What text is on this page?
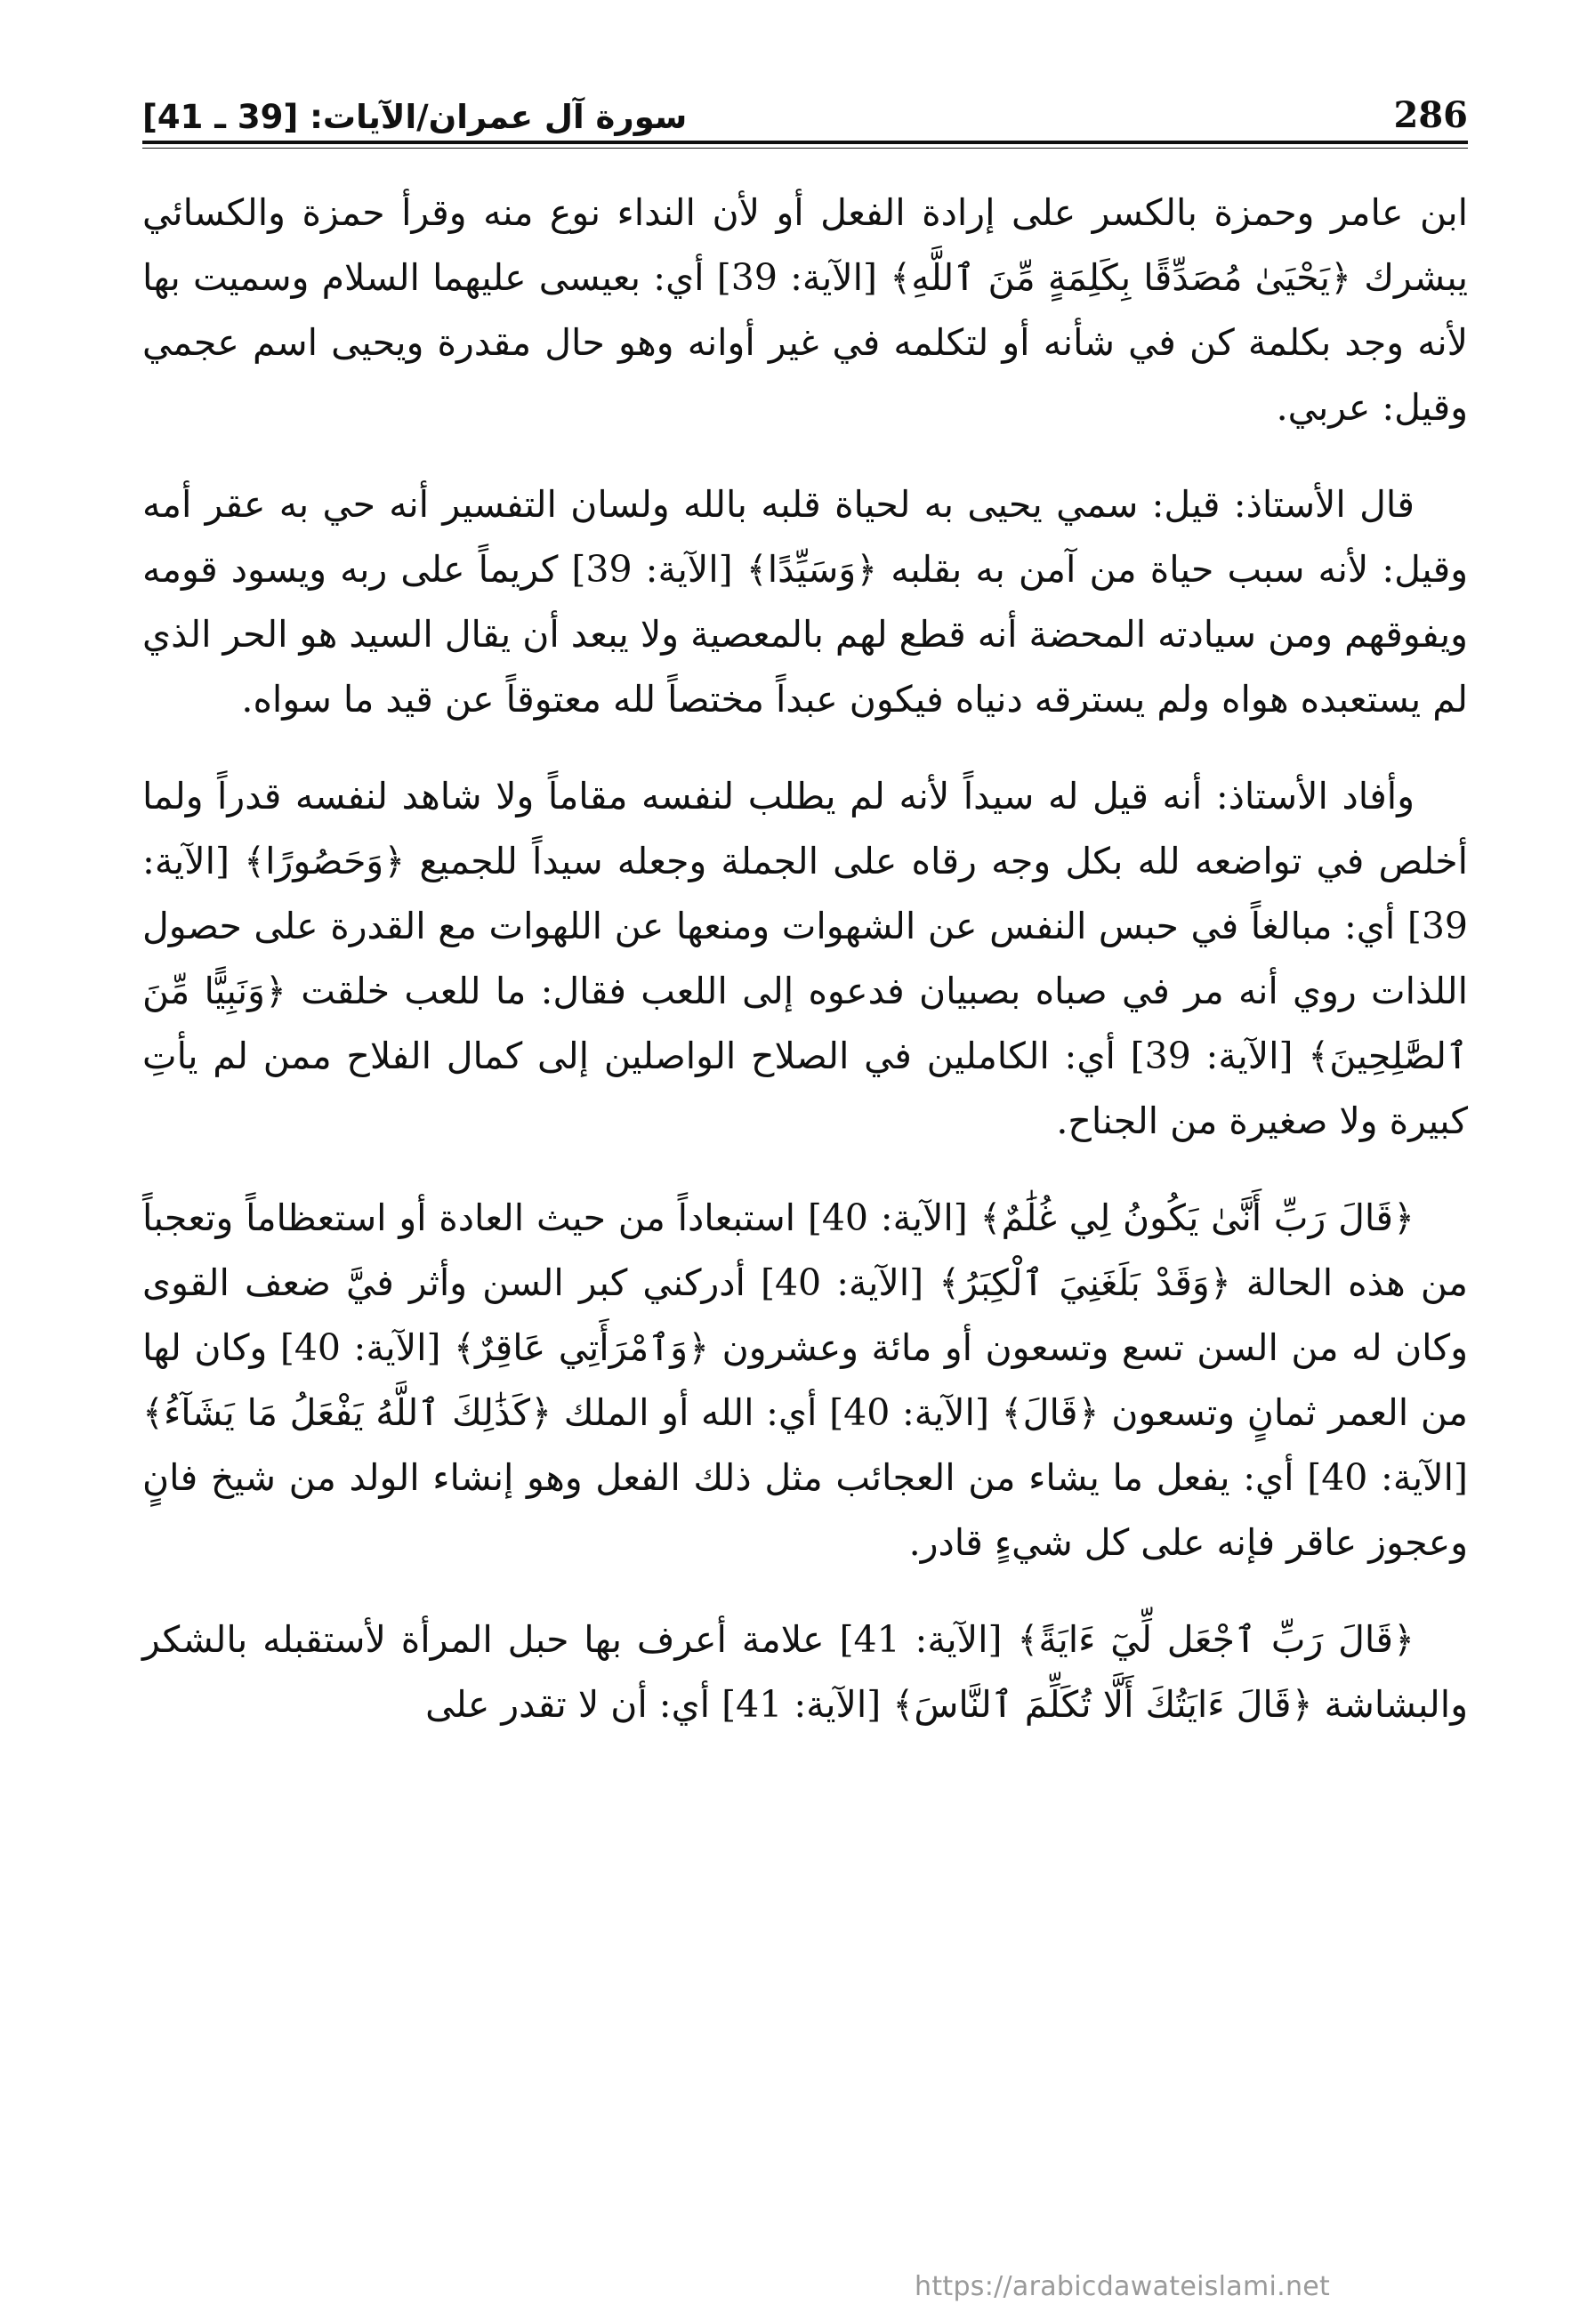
286
سورة آل عمران/الآيات: [39 ـ 41]

ابن عامر وحمزة بالكسر على إرادة الفعل أو لأن النداء نوع منه وقرأ حمزة والكسائي يبشرك ﴿يَحْيَىٰ مُصَدِّقًا بِكَلِمَةٍ مِّنَ ٱللَّهِ﴾ [الآية: 39] أي: بعيسى عليهما السلام وسميت بها لأنه وجد بكلمة كن في شأنه أو لتكلمه في غير أوانه وهو حال مقدرة ويحيى اسم عجمي وقيل: عربي.

قال الأستاذ: قيل: سمي يحيى به لحياة قلبه بالله ولسان التفسير أنه حي به عقر أمه وقيل: لأنه سبب حياة من آمن به بقلبه ﴿وَسَيِّدًا﴾ [الآية: 39] كريماً على ربه ويسود قومه ويفوقهم ومن سيادته المحضة أنه قطع لهم بالمعصية ولا يبعد أن يقال السيد هو الحر الذي لم يستعبده هواه ولم يسترقه دنياه فيكون عبداً مختصاً لله معتوقاً عن قيد ما سواه.

وأفاد الأستاذ: أنه قيل له سيداً لأنه لم يطلب لنفسه مقاماً ولا شاهد لنفسه قدراً ولما أخلص في تواضعه لله بكل وجه رقاه على الجملة وجعله سيداً للجميع ﴿وَحَصُورًا﴾ [الآية: 39] أي: مبالغاً في حبس النفس عن الشهوات ومنعها عن اللهوات مع القدرة على حصول اللذات روي أنه مر في صباه بصبيان فدعوه إلى اللعب فقال: ما للعب خلقت ﴿وَنَبِيًّا مِّنَ ٱلصَّٰلِحِينَ﴾ [الآية: 39] أي: الكاملين في الصلاح الواصلين إلى كمال الفلاح ممن لم يأتِ كبيرة ولا صغيرة من الجناح.

﴿قَالَ رَبِّ أَنَّىٰ يَكُونُ لِي غُلَٰمٌ﴾ [الآية: 40] استبعاداً من حيث العادة أو استعظاماً وتعجباً من هذه الحالة ﴿وَقَدْ بَلَغَنِيَ ٱلْكِبَرُ﴾ [الآية: 40] أدركني كبر السن وأثر فيَّ ضعف القوى وكان له من السن تسع وتسعون أو مائة وعشرون ﴿وَٱمْرَأَتِي عَاقِرٌ﴾ [الآية: 40] وكان لها من العمر ثمانٍ وتسعون ﴿قَالَ﴾ [الآية: 40] أي: الله أو الملك ﴿كَذَٰلِكَ ٱللَّهُ يَفْعَلُ مَا يَشَآءُ﴾ [الآية: 40] أي: يفعل ما يشاء من العجائب مثل ذلك الفعل وهو إنشاء الولد من شيخ فانٍ وعجوز عاقر فإنه على كل شيءٍ قادر.

﴿قَالَ رَبِّ ٱجْعَل لِّيٓ ءَايَةً﴾ [الآية: 41] علامة أعرف بها حبل المرأة لأستقبله بالشكر والبشاشة ﴿قَالَ ءَايَتُكَ أَلَّا تُكَلِّمَ ٱلنَّاسَ﴾ [الآية: 41] أي: أن لا تقدر على

https://arabicdawateislami.net
